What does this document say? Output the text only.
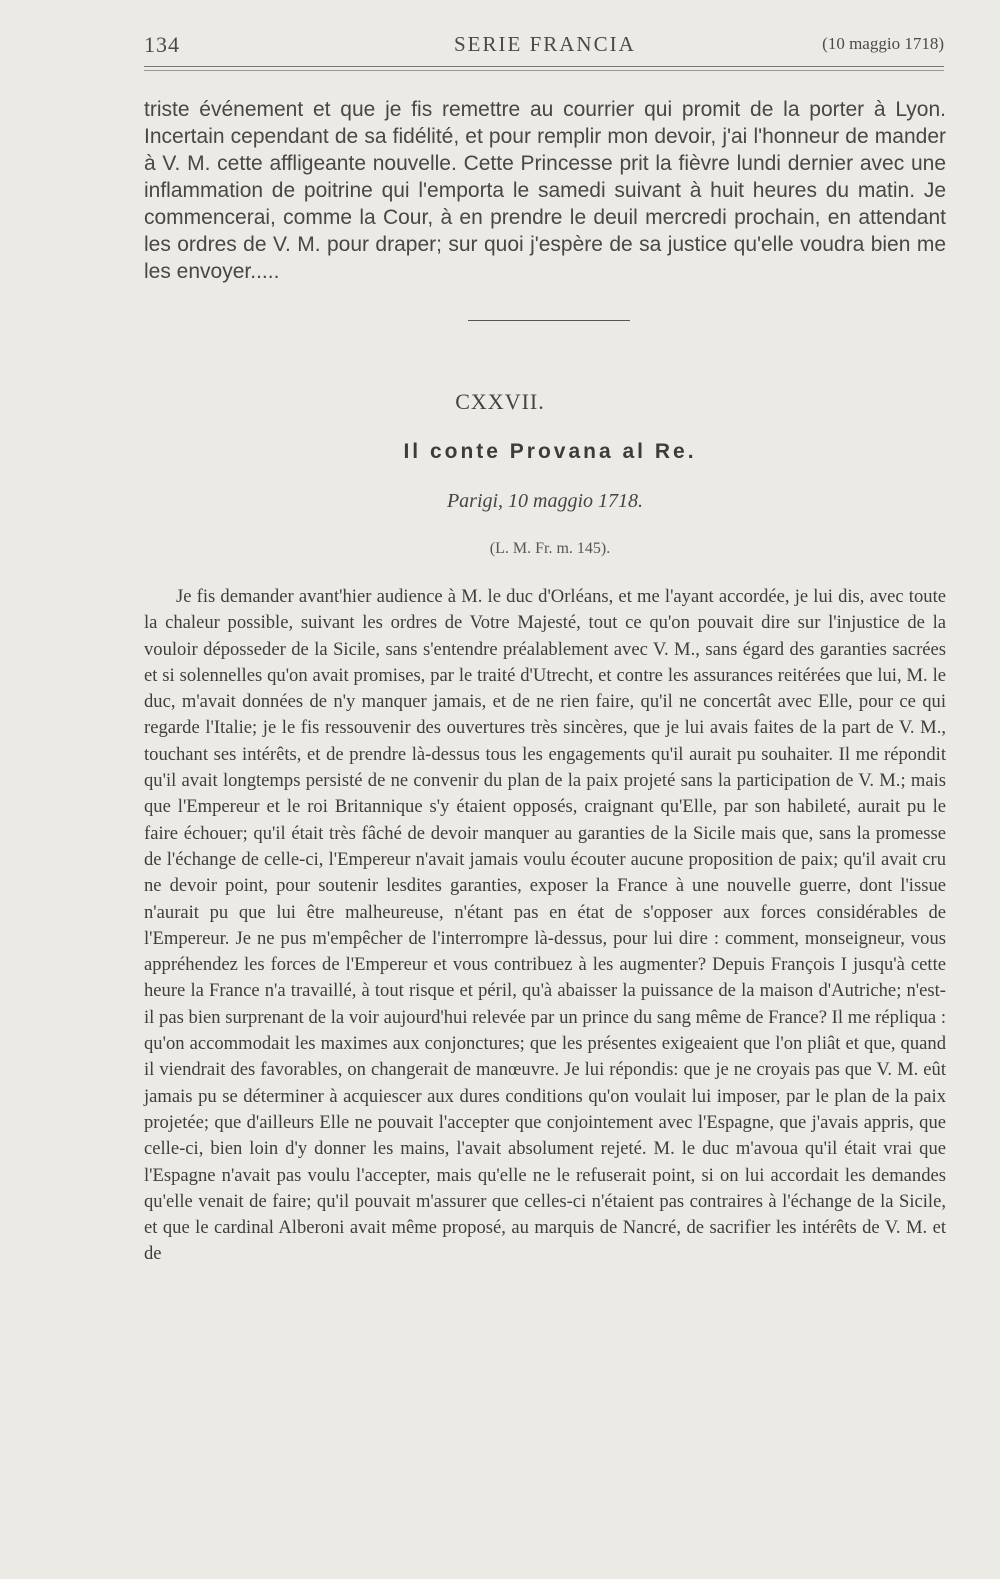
134	SERIE FRANCIA	(10 maggio 1718)
triste événement et que je fis remettre au courrier qui promit de la porter à Lyon. Incertain cependant de sa fidélité, et pour remplir mon devoir, j'ai l'honneur de mander à V. M. cette affligeante nouvelle. Cette Princesse prit la fièvre lundi dernier avec une inflammation de poitrine qui l'emporta le samedi suivant à huit heures du matin. Je commencerai, comme la Cour, à en prendre le deuil mercredi prochain, en attendant les ordres de V. M. pour draper; sur quoi j'espère de sa justice qu'elle voudra bien me les envoyer.....
CXXVII.
Il conte Provana al Re.
Parigi, 10 maggio 1718.
(L. M. Fr. m. 145).
Je fis demander avant'hier audience à M. le duc d'Orléans, et me l'ayant accordée, je lui dis, avec toute la chaleur possible, suivant les ordres de Votre Majesté, tout ce qu'on pouvait dire sur l'injustice de la vouloir déposseder de la Sicile, sans s'entendre préalablement avec V. M., sans égard des garanties sacrées et si solennelles qu'on avait promises, par le traité d'Utrecht, et contre les assurances reitérées que lui, M. le duc, m'avait données de n'y manquer jamais, et de ne rien faire, qu'il ne concertât avec Elle, pour ce qui regarde l'Italie; je le fis ressouvenir des ouvertures très sincères, que je lui avais faites de la part de V. M., touchant ses intérêts, et de prendre là-dessus tous les engagements qu'il aurait pu souhaiter. Il me répondit qu'il avait longtemps persisté de ne convenir du plan de la paix projeté sans la participation de V. M.; mais que l'Empereur et le roi Britannique s'y étaient opposés, craignant qu'Elle, par son habileté, aurait pu le faire échouer; qu'il était très fâché de devoir manquer au garanties de la Sicile mais que, sans la promesse de l'échange de celle-ci, l'Empereur n'avait jamais voulu écouter aucune proposition de paix; qu'il avait cru ne devoir point, pour soutenir lesdites garanties, exposer la France à une nouvelle guerre, dont l'issue n'aurait pu que lui être malheureuse, n'étant pas en état de s'opposer aux forces considérables de l'Empereur. Je ne pus m'empêcher de l'interrompre là-dessus, pour lui dire : comment, monseigneur, vous appréhendez les forces de l'Empereur et vous contribuez à les augmenter? Depuis François I jusqu'à cette heure la France n'a travaillé, à tout risque et péril, qu'à abaisser la puissance de la maison d'Autriche; n'est-il pas bien surprenant de la voir aujourd'hui relevée par un prince du sang même de France? Il me répliqua : qu'on accommodait les maximes aux conjonctures; que les présentes exigeaient que l'on pliât et que, quand il viendrait des favorables, on changerait de manœuvre. Je lui répondis: que je ne croyais pas que V. M. eût jamais pu se déterminer à acquiescer aux dures conditions qu'on voulait lui imposer, par le plan de la paix projetée; que d'ailleurs Elle ne pouvait l'accepter que conjointement avec l'Espagne, que j'avais appris, que celle-ci, bien loin d'y donner les mains, l'avait absolument rejeté. M. le duc m'avoua qu'il était vrai que l'Espagne n'avait pas voulu l'accepter, mais qu'elle ne le refuserait point, si on lui accordait les demandes qu'elle venait de faire; qu'il pouvait m'assurer que celles-ci n'étaient pas contraires à l'échange de la Sicile, et que le cardinal Alberoni avait même proposé, au marquis de Nancré, de sacrifier les intérêts de V. M. et de
